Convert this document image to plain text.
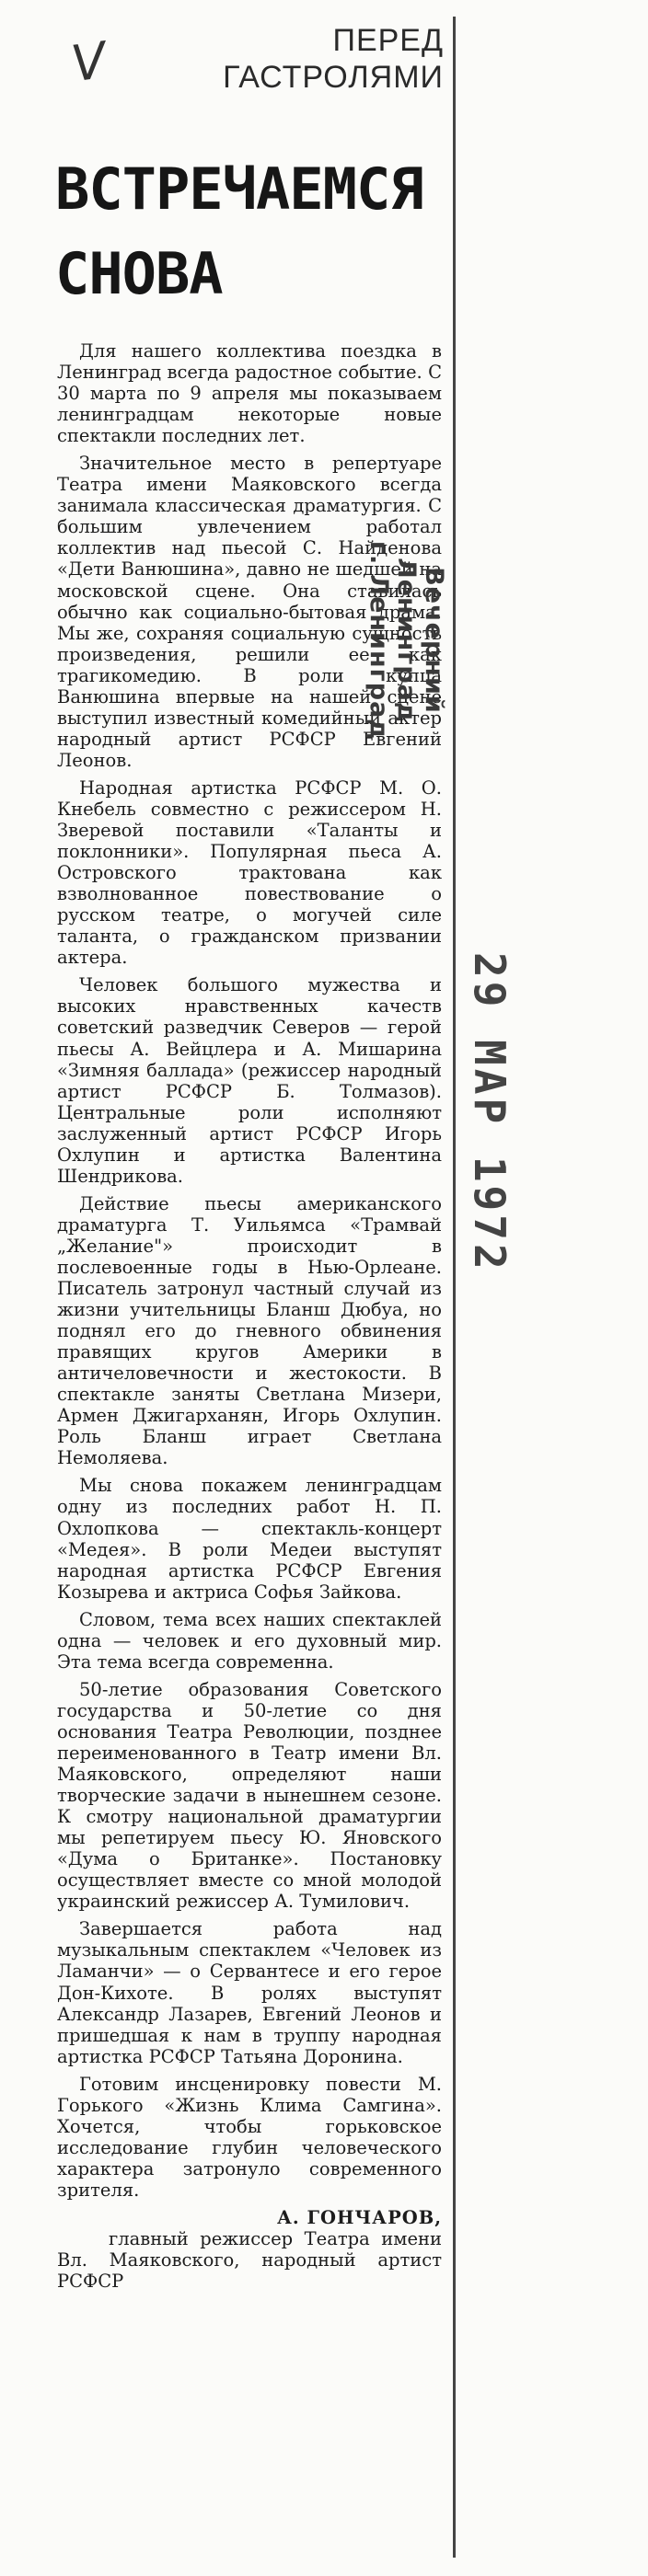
V	ПЕРЕД
ГАСТРОЛЯМИ
ВСТРЕЧАЕМСЯ
СНОВА

Для нашего коллектива поездка в Ленинград всегда радостное событие. С 30 марта по 9 апреля мы показываем ленинградцам некоторые новые спектакли последних лет.

Значительное место в репертуаре Театра имени Маяковского всегда занимала классическая драматургия. С большим увлечением работал коллектив над пьесой С. Найденова «Дети Ванюшина», давно не шедшей на московской сцене. Она ставилась обычно как социально-бытовая драма. Мы же, сохраняя социальную сущность произведения, решили ее как трагикомедию. В роли купца Ванюшина впервые на нашей сцене выступил известный комедийный актер народный артист РСФСР Евгений Леонов.

Народная артистка РСФСР М. О. Кнебель совместно с режиссером Н. Зверевой поставили «Таланты и поклонники». Популярная пьеса А. Островского трактована как взволнованное повествование о русском театре, о могучей силе таланта, о гражданском призвании актера.

Человек большого мужества и высоких нравственных качеств советский разведчик Северов — герой пьесы А. Вейцлера и А. Мишарина «Зимняя баллада» (режиссер народный артист РСФСР Б. Толмазов). Центральные роли исполняют заслуженный артист РСФСР Игорь Охлупин и артистка Валентина Шендрикова.

Действие пьесы американского драматурга Т. Уильямса «Трамвай „Желание"» происходит в послевоенные годы в Нью-Орлеане. Писатель затронул частный случай из жизни учительницы Бланш Дюбуа, но поднял его до гневного обвинения правящих кругов Америки в античеловечности и жестокости. В спектакле заняты Светлана Мизери, Армен Джигарханян, Игорь Охлупин. Роль Бланш играет Светлана Немоляева.

Мы снова покажем ленинградцам одну из последних работ Н. П. Охлопкова — спектакль-концерт «Медея». В роли Медеи выступят народная артистка РСФСР Евгения Козырева и актриса Софья Зайкова.

Словом, тема всех наших спектаклей одна — человек и его духовный мир. Эта тема всегда современна.

50-летие образования Советского государства и 50-летие со дня основания Театра Революции, позднее переименованного в Театр имени Вл. Маяковского, определяют наши творческие задачи в нынешнем сезоне. К смотру национальной драматургии мы репетируем пьесу Ю. Яновского «Дума о Британке». Постановку осуществляет вместе со мной молодой украинский режиссер А. Тумилович.

Завершается работа над музыкальным спектаклем «Человек из Ламанчи» — о Сервантесе и его герое Дон-Кихоте. В ролях выступят Александр Лазарев, Евгений Леонов и пришедшая к нам в труппу народная артистка РСФСР Татьяна Доронина.

Готовим инсценировку повести М. Горького «Жизнь Клима Самгина». Хочется, чтобы горьковское исследование глубин человеческого характера затронуло современного зрителя.

А. ГОНЧАРОВ,
главный режиссер Театра имени Вл. Маяковского, народный артист РСФСР
Вечерний Ленинград
г. Ленинград
29 МАР 1972
